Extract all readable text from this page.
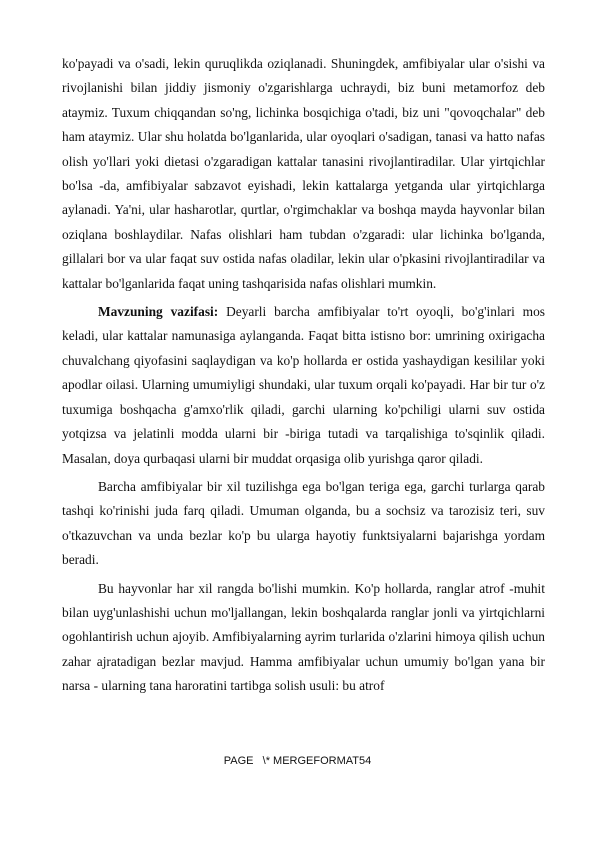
ko'payadi va o'sadi, lekin quruqlikda oziqlanadi. Shuningdek, amfibiyalar ular o'sishi va rivojlanishi bilan jiddiy jismoniy o'zgarishlarga uchraydi, biz buni metamorfoz deb ataymiz. Tuxum chiqqandan so'ng, lichinka bosqichiga o'tadi, biz uni "qovoqchalar" deb ham ataymiz. Ular shu holatda bo'lganlarida, ular oyoqlari o'sadigan, tanasi va hatto nafas olish yo'llari yoki dietasi o'zgaradigan kattalar tanasini rivojlantiradilar. Ular yirtqichlar bo'lsa -da, amfibiyalar sabzavot eyishadi, lekin kattalarga yetganda ular yirtqichlarga aylanadi. Ya'ni, ular hasharotlar, qurtlar, o'rgimchaklar va boshqa mayda hayvonlar bilan oziqlana boshlaydilar. Nafas olishlari ham tubdan o'zgaradi: ular lichinka bo'lganda, gillalari bor va ular faqat suv ostida nafas oladilar, lekin ular o'pkasini rivojlantiradilar va kattalar bo'lganlarida faqat uning tashqarisida nafas olishlari mumkin.

Mavzuning vazifasi: Deyarli barcha amfibiyalar to'rt oyoqli, bo'g'inlari mos keladi, ular kattalar namunasiga aylanganda. Faqat bitta istisno bor: umrining oxirigacha chuvalchang qiyofasini saqlaydigan va ko'p hollarda er ostida yashaydigan kesililar yoki apodlar oilasi. Ularning umumiyligi shundaki, ular tuxum orqali ko'payadi. Har bir tur o'z tuxumiga boshqacha g'amxo'rlik qiladi, garchi ularning ko'pchiligi ularni suv ostida yotqizsa va jelatinli modda ularni bir -biriga tutadi va tarqalishiga to'sqinlik qiladi. Masalan, doya qurbaqasi ularni bir muddat orqasiga olib yurishga qaror qiladi.

Barcha amfibiyalar bir xil tuzilishga ega bo'lgan teriga ega, garchi turlarga qarab tashqi ko'rinishi juda farq qiladi. Umuman olganda, bu a sochsiz va tarozisiz teri, suv o'tkazuvchan va unda bezlar ko'p bu ularga hayotiy funktsiyalarni bajarishga yordam beradi.

Bu hayvonlar har xil rangda bo'lishi mumkin. Ko'p hollarda, ranglar atrof -muhit bilan uyg'unlashishi uchun mo'ljallangan, lekin boshqalarda ranglar jonli va yirtqichlarni ogohlantirish uchun ajoyib. Amfibiyalarning ayrim turlarida o'zlarini himoya qilish uchun zahar ajratadigan bezlar mavjud. Hamma amfibiyalar uchun umumiy bo'lgan yana bir narsa - ularning tana haroratini tartibga solish usuli: bu atrof

PAGE   \* MERGEFORMAT54
